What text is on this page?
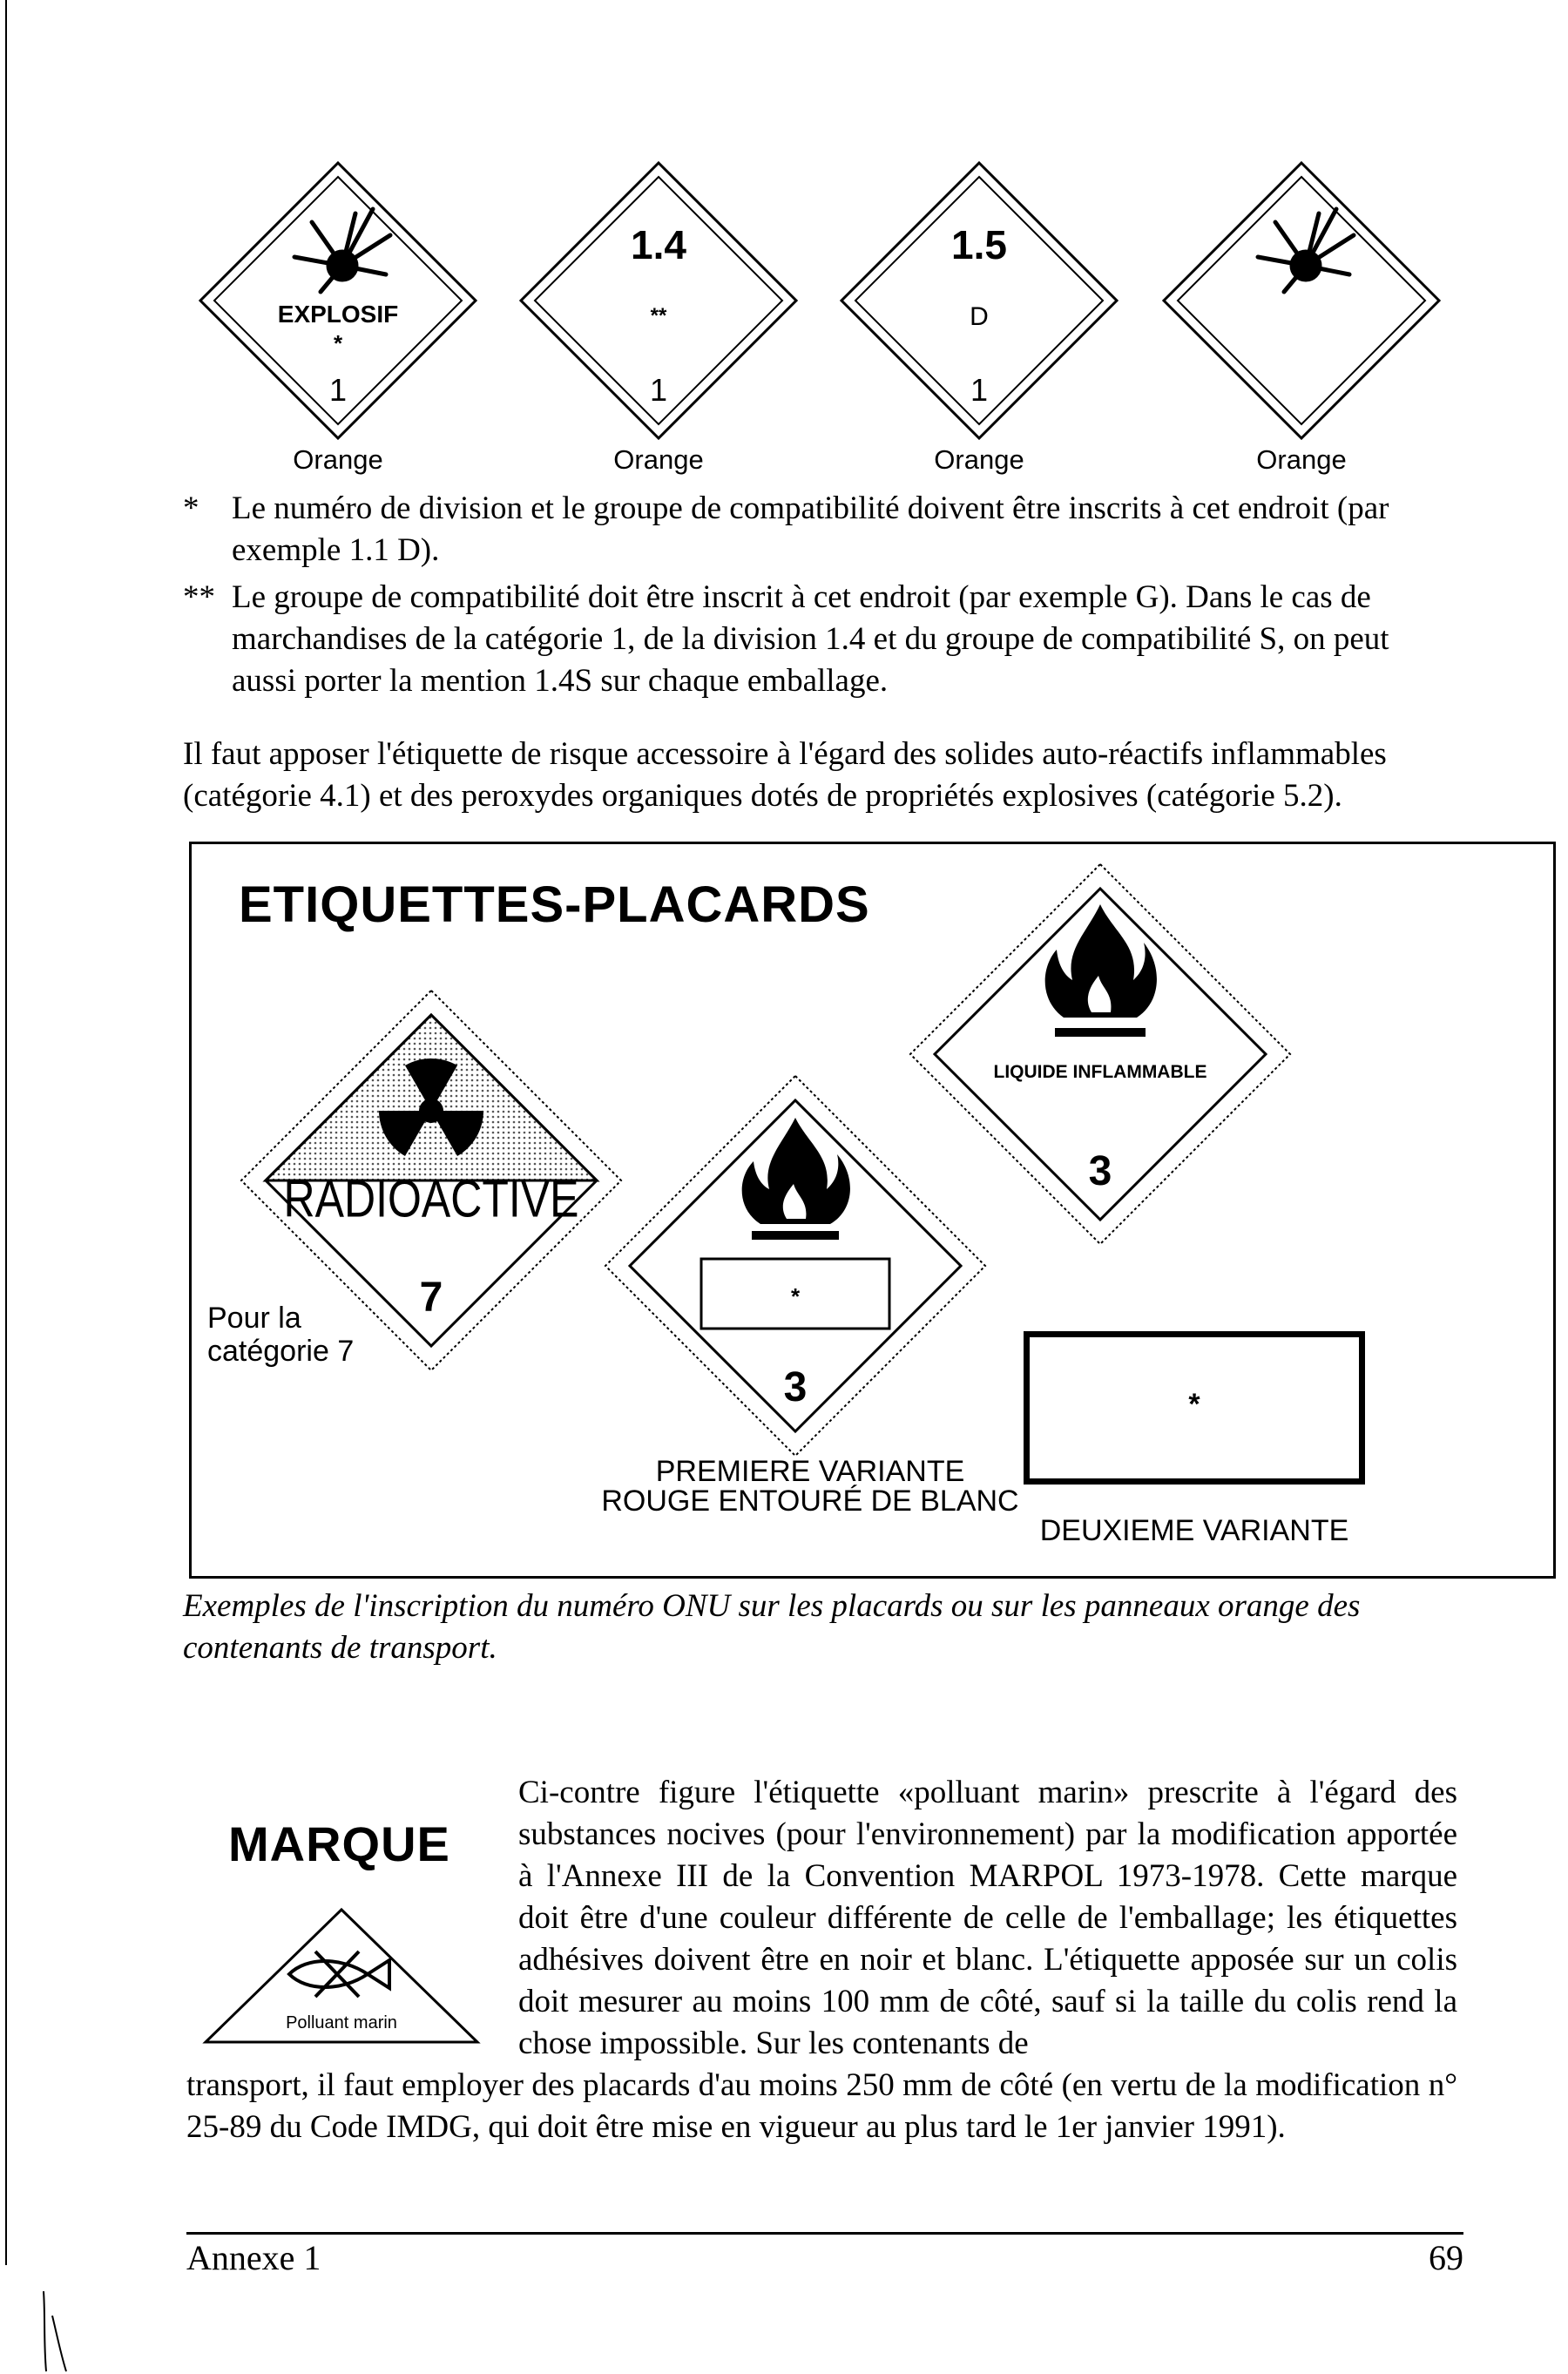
EXPLOSIF
*
1
1.4
**
1
1.5
D
1
Orange	Orange	Orange	Orange
* Le numéro de division et le groupe de compatibilité doivent être inscrits à cet endroit (par exemple 1.1 D).
** Le groupe de compatibilité doit être inscrit à cet endroit (par exemple G). Dans le cas de marchandises de la catégorie 1, de la division 1.4 et du groupe de compatibilité S, on peut aussi porter la mention 1.4S sur chaque emballage.
Il faut apposer l'étiquette de risque accessoire à l'égard des solides auto-réactifs inflammables (catégorie 4.1) et des peroxydes organiques dotés de propriétés explosives (catégorie 5.2).
ETIQUETTES-PLACARDS
RADIOACTIVE
7
Pour la catégorie 7
LIQUIDE INFLAMMABLE
3
*
3
PREMIERE VARIANTE
ROUGE ENTOURÉ DE BLANC
*
DEUXIEME VARIANTE
Exemples de l'inscription du numéro ONU sur les placards ou sur les panneaux orange des contenants de transport.
MARQUE
Polluant marin
Ci-contre figure l'étiquette «polluant marin» prescrite à l'égard des substances nocives (pour l'environnement) par la modification apportée à l'Annexe III de la Convention MARPOL 1973-1978. Cette marque doit être d'une couleur différente de celle de l'emballage; les étiquettes adhésives doivent être en noir et blanc. L'étiquette apposée sur un colis doit mesurer au moins 100 mm de côté, sauf si la taille du colis rend la chose impossible. Sur les contenants de
transport, il faut employer des placards d'au moins 250 mm de côté (en vertu de la modification n° 25-89 du Code IMDG, qui doit être mise en vigueur au plus tard le 1er janvier 1991).
Annexe 1	69
